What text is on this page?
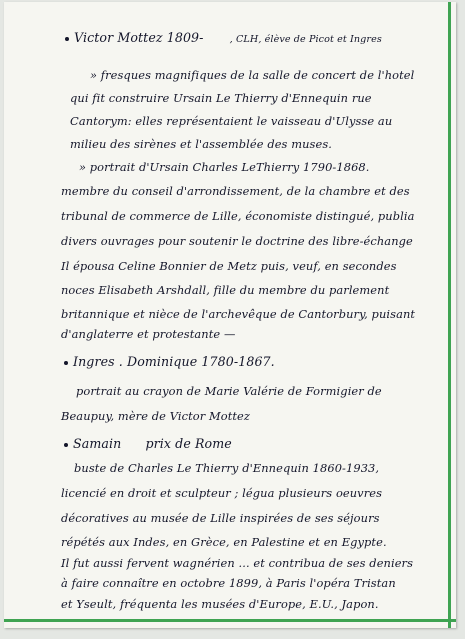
Victor Mottez 1809-	, CLH, élève de Picot et Ingres
» fresques magnifiques de la salle de concert de l'hotel
qui fit construire Ursain Le Thierry d'Ennequin rue
Cantorym: elles représentaient le vaisseau d'Ulysse au
milieu des sirènes et l'assemblée des muses.
» portrait d'Ursain Charles LeThierry 1790-1868.
membre du conseil d'arrondissement, de la chambre et des
tribunal de commerce de Lille, économiste distingué, publia
divers ouvrages pour soutenir le doctrine des libre-échange
Il épousa Celine Bonnier de Metz puis, veuf, en secondes
noces Elisabeth Arshdall, fille du membre du parlement
britannique et nièce de l'archevêque de Cantorbury, puisant
d'anglaterre et protestante —
Ingres . Dominique 1780-1867.
portrait au crayon de Marie Valérie de Formigier de
Beaupuy, mère de Victor Mottez
Samain prix de Rome
buste de Charles Le Thierry d'Ennequin 1860-1933,
licencié en droit et sculpteur ; légua plusieurs oeuvres
décoratives au musée de Lille inspirées de ses séjours
répétés aux Indes, en Grèce, en Palestine et en Egypte.
Il fut aussi fervent wagnérien ... et contribua de ses deniers
à faire connaître en octobre 1899, à Paris l'opéra Tristan
et Yseult, fréquenta les musées d'Europe, E.U., Japon.
